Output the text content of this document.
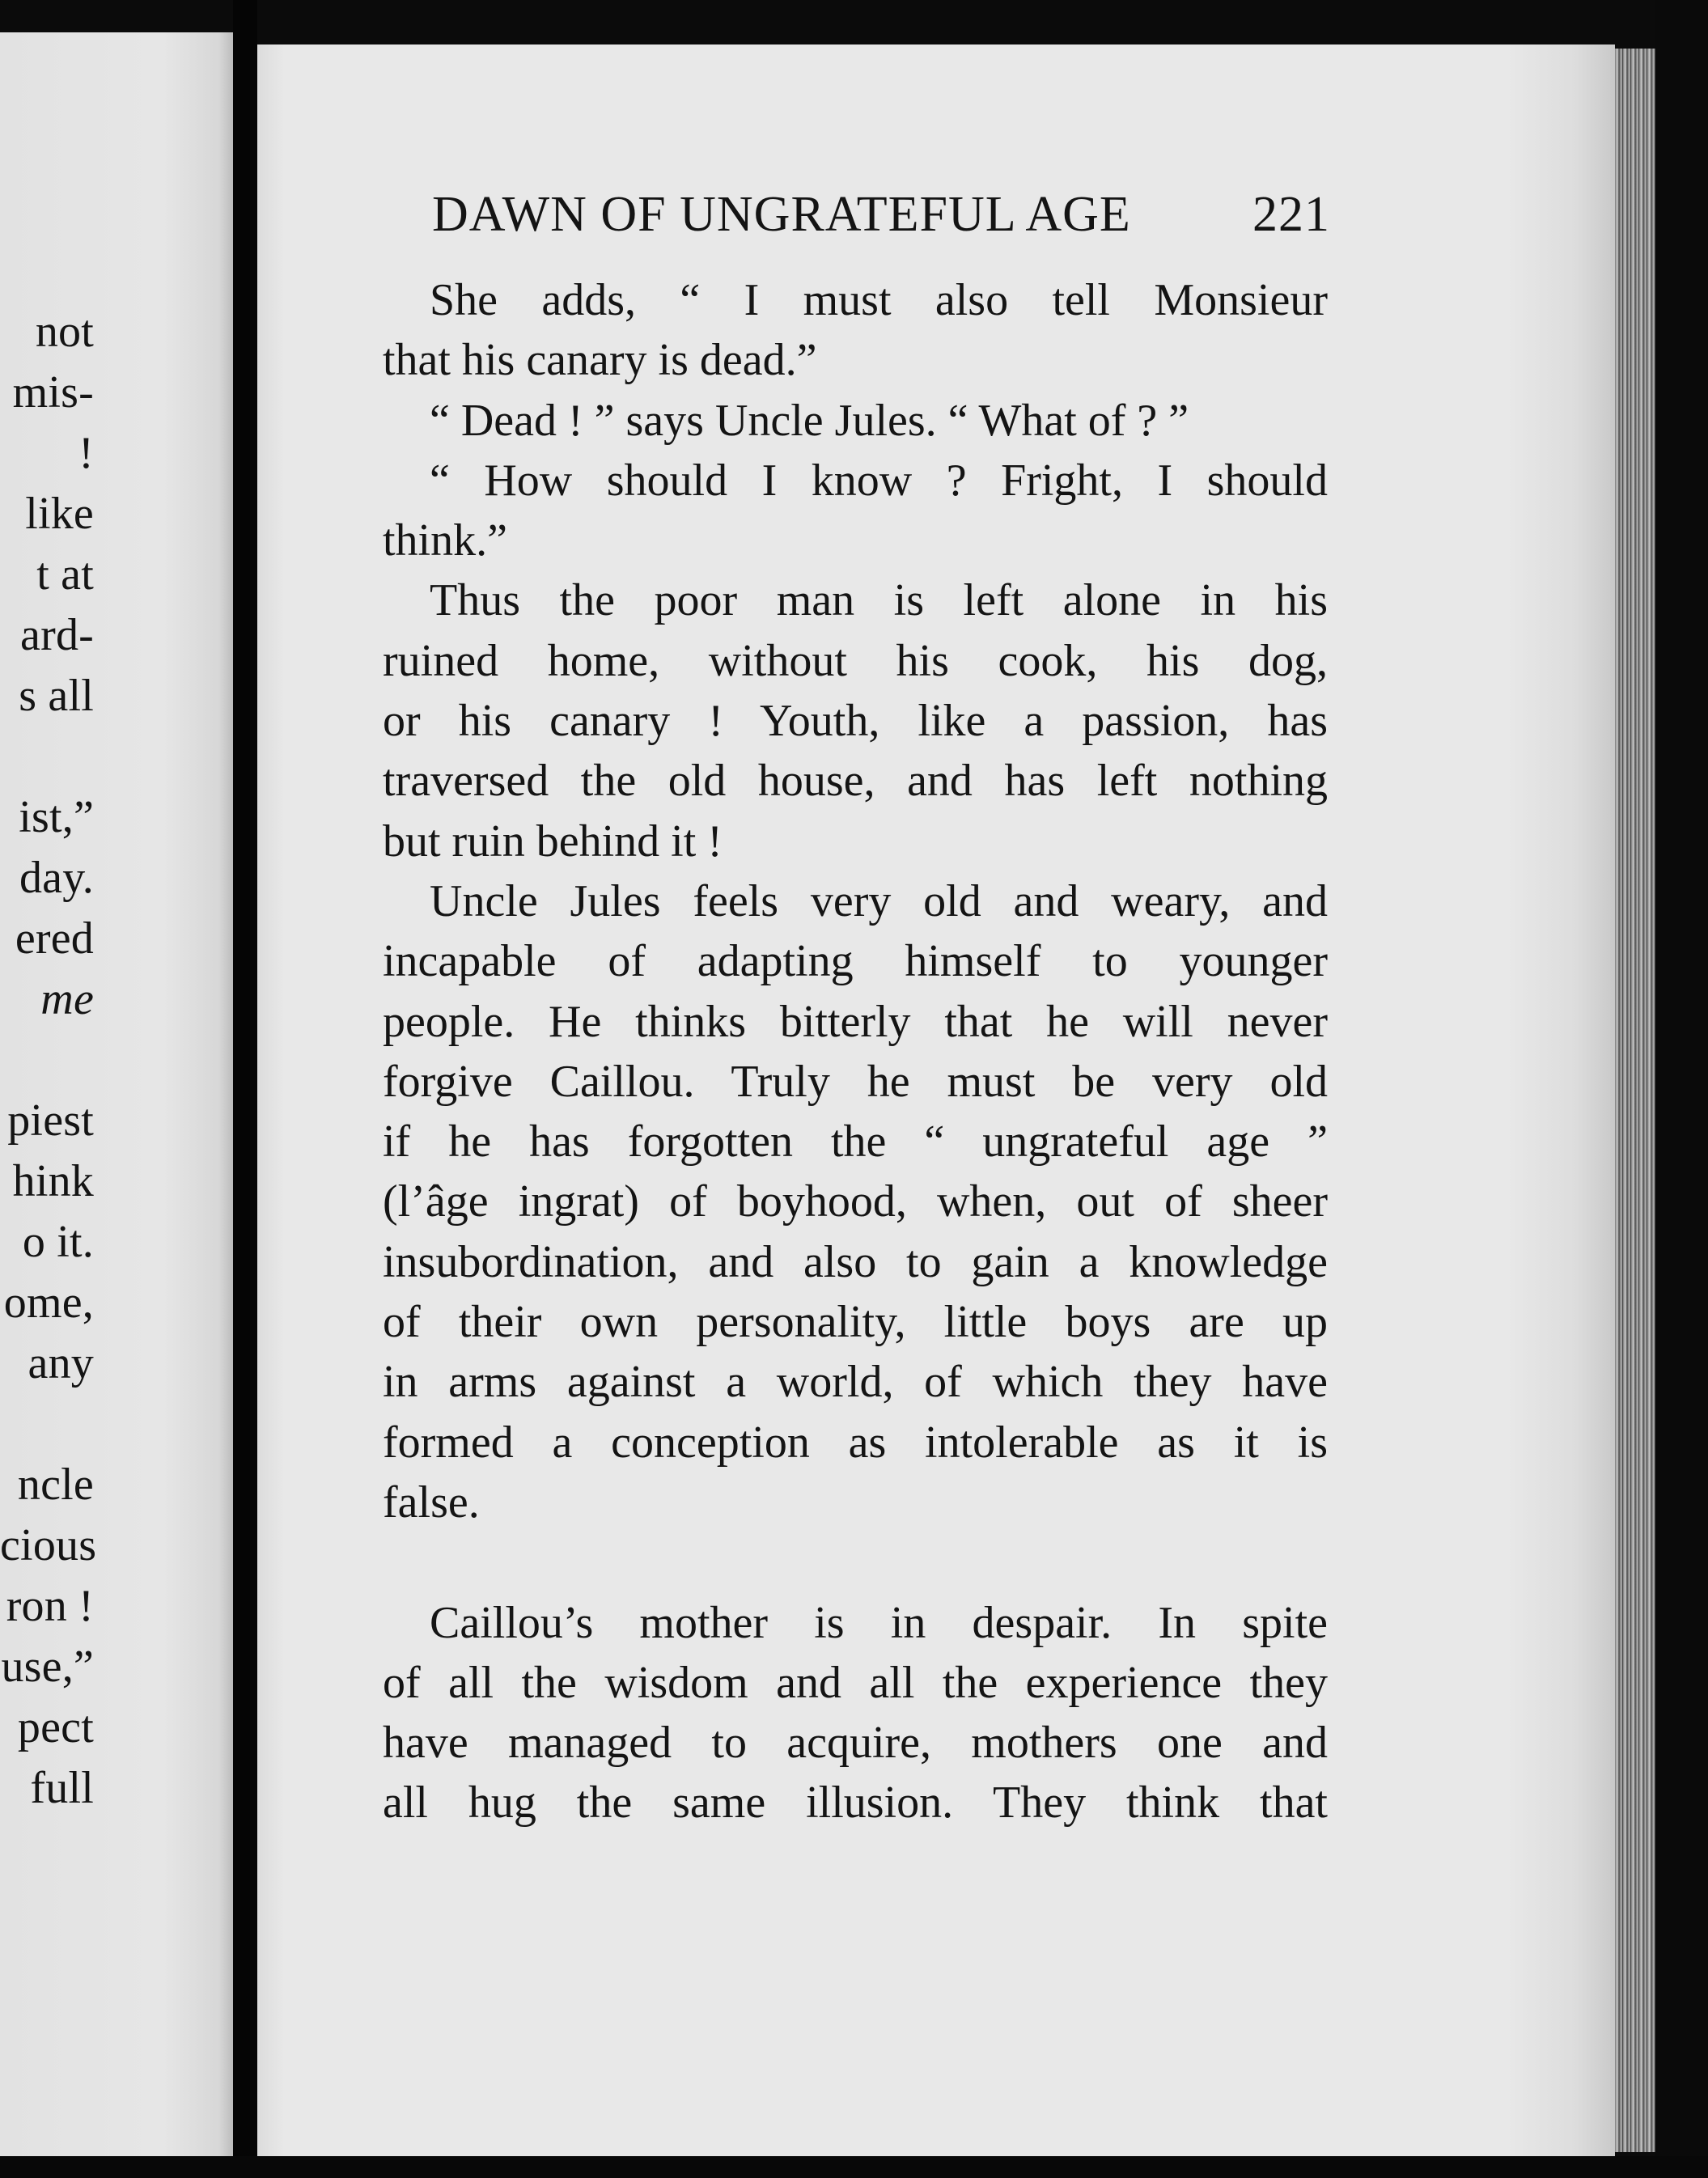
not
mis-
!
like
t at
ard-
s all
ist,”
day.
ered
me
piest
hink
o it.
ome,
any
ncle
cious
ron !
use,”
pect
full
DAWN OF UNGRATEFUL AGE 221
She adds, “ I must also tell Monsieur
that his canary is dead.”
“ Dead ! ” says Uncle Jules. “ What of ? ”
“ How should I know ? Fright, I should
think.”
Thus the poor man is left alone in his
ruined home, without his cook, his dog,
or his canary ! Youth, like a passion, has
traversed the old house, and has left nothing
but ruin behind it !
Uncle Jules feels very old and weary, and
incapable of adapting himself to younger
people. He thinks bitterly that he will never
forgive Caillou. Truly he must be very old
if he has forgotten the “ ungrateful age ”
(l’âge ingrat) of boyhood, when, out of sheer
insubordination, and also to gain a knowledge
of their own personality, little boys are up
in arms against a world, of which they have
formed a conception as intolerable as it is
false.
Caillou’s mother is in despair. In spite
of all the wisdom and all the experience they
have managed to acquire, mothers one and
all hug the same illusion. They think that
